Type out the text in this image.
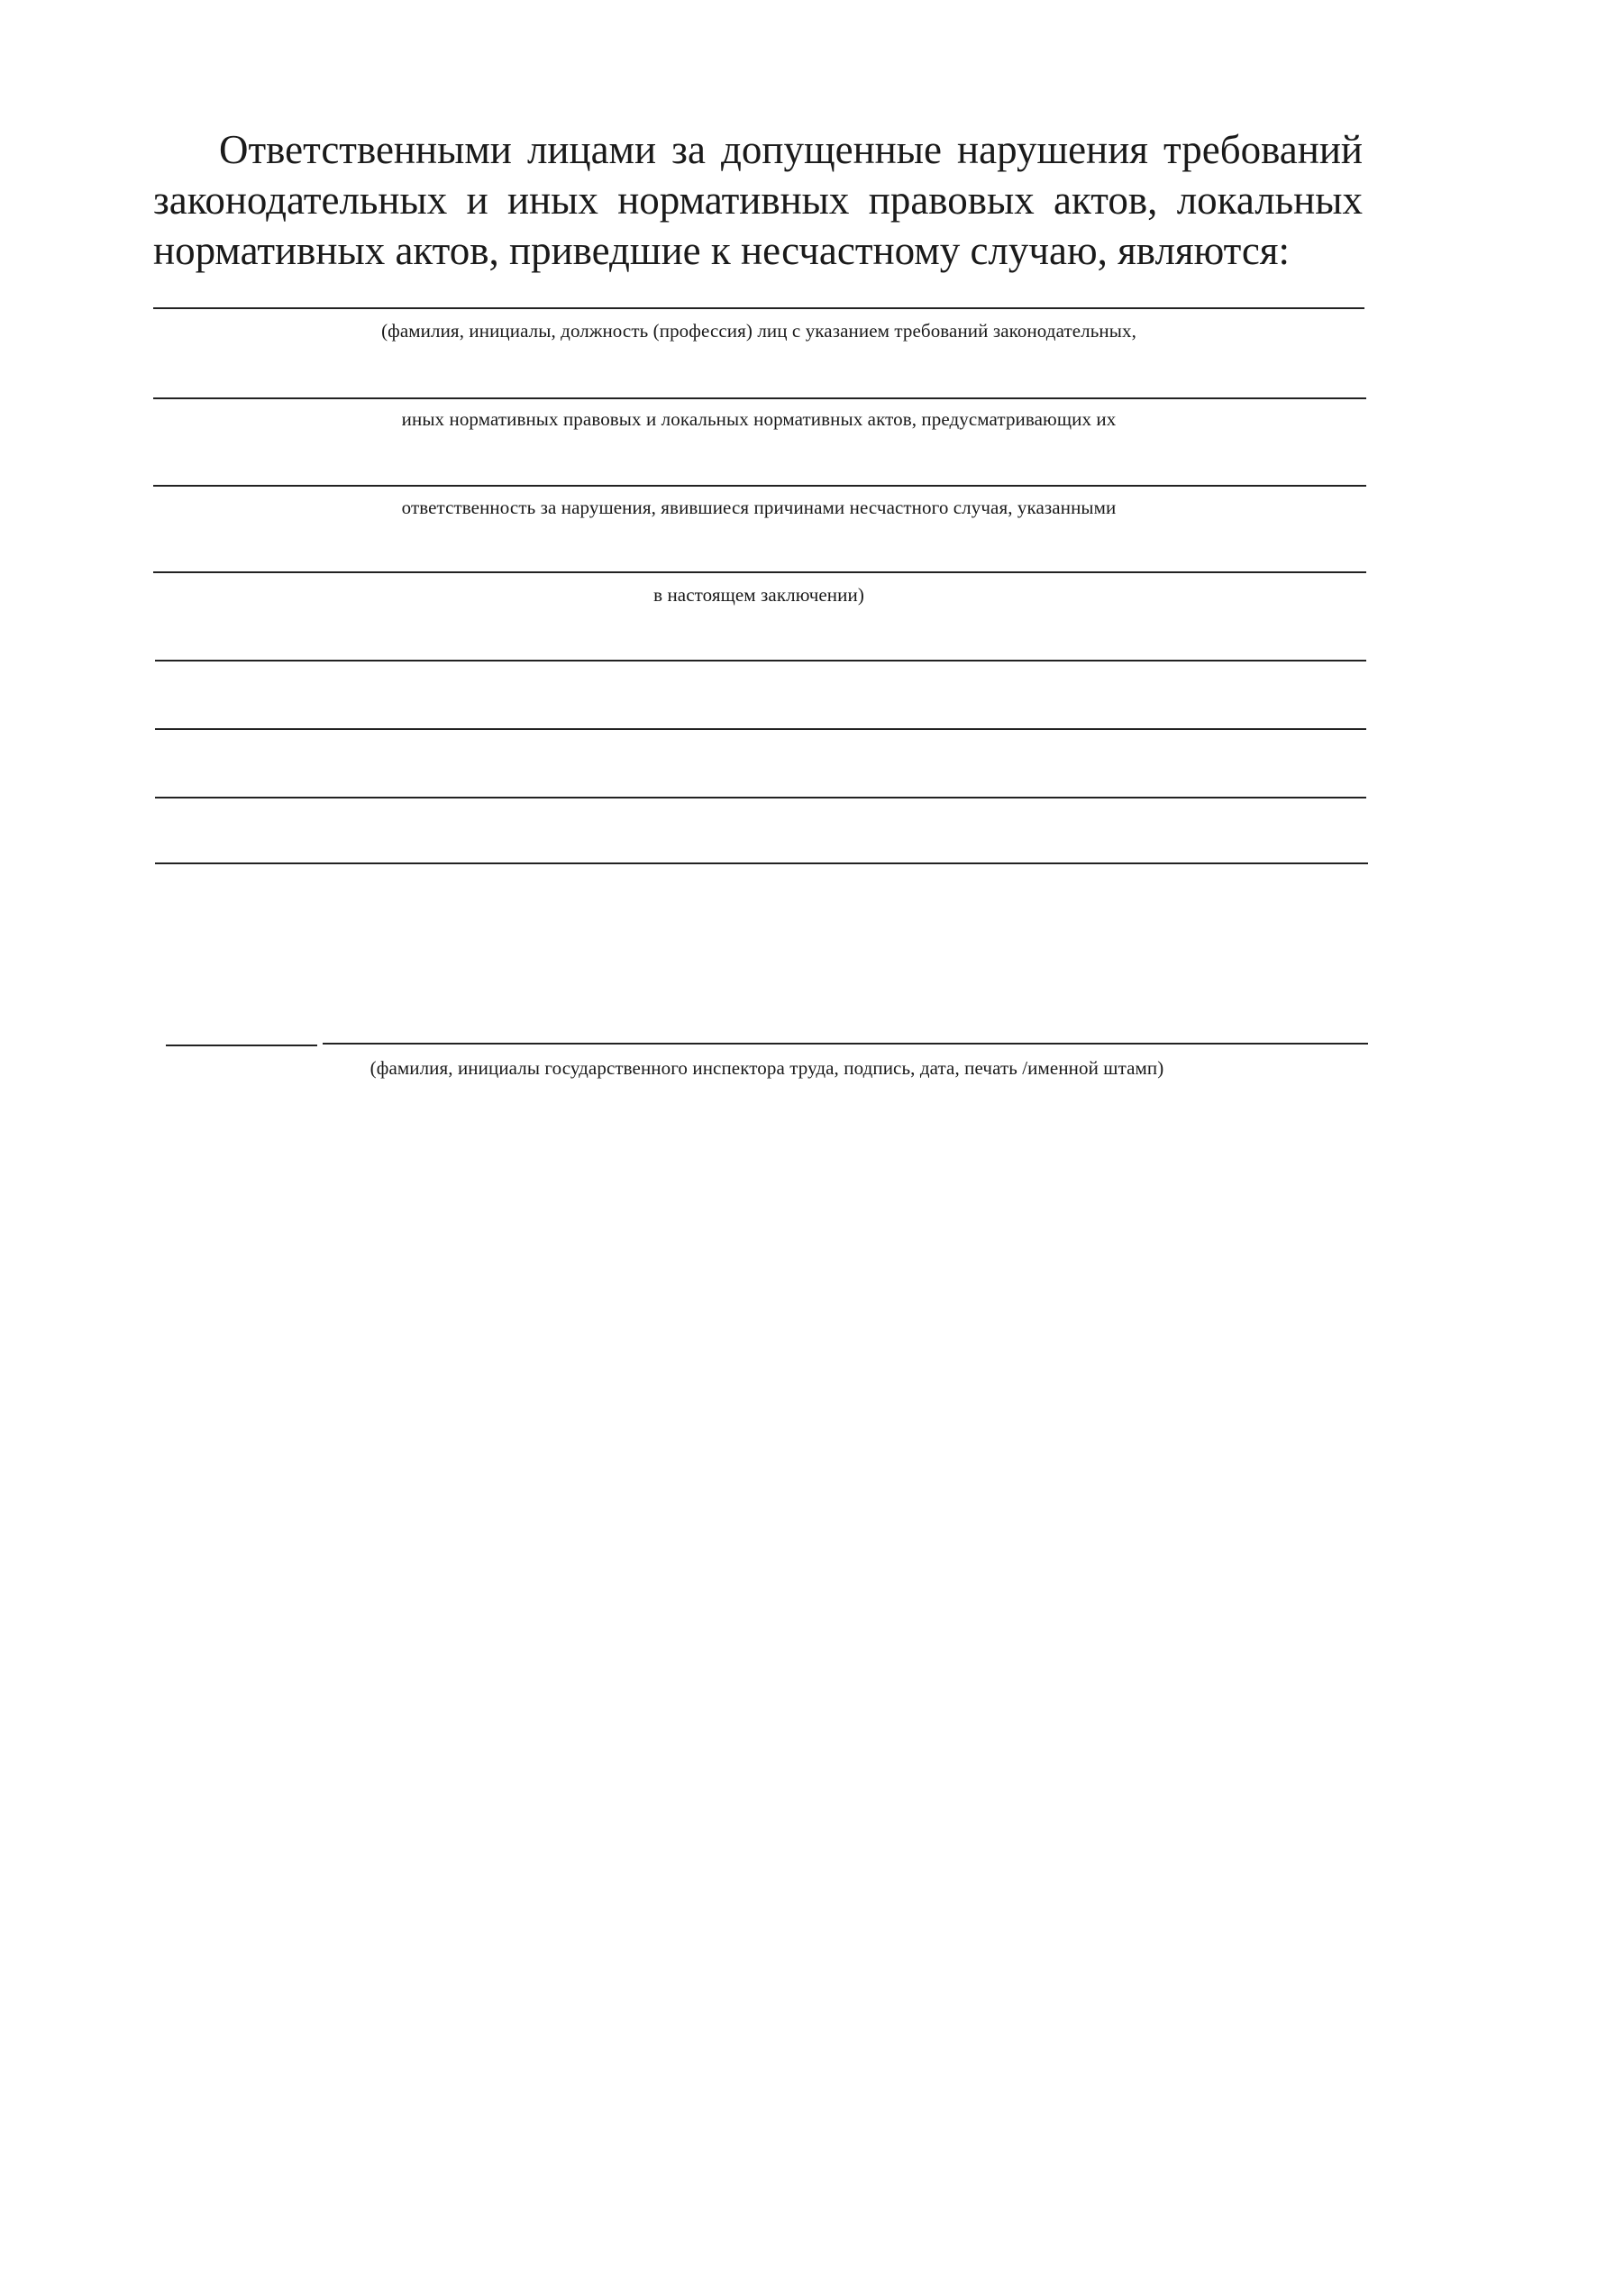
Ответственными лицами за допущенные нарушения требований законодательных и иных нормативных правовых актов, локальных нормативных актов, приведшие к несчастному случаю, являются:

(фамилия, инициалы, должность (профессия) лиц с указанием требований законодательных,

иных нормативных правовых и локальных нормативных актов, предусматривающих их

ответственность за нарушения, явившиеся причинами несчастного случая, указанными

в настоящем заключении)

(фамилия, инициалы государственного инспектора труда, подпись, дата, печать /именной штамп)
